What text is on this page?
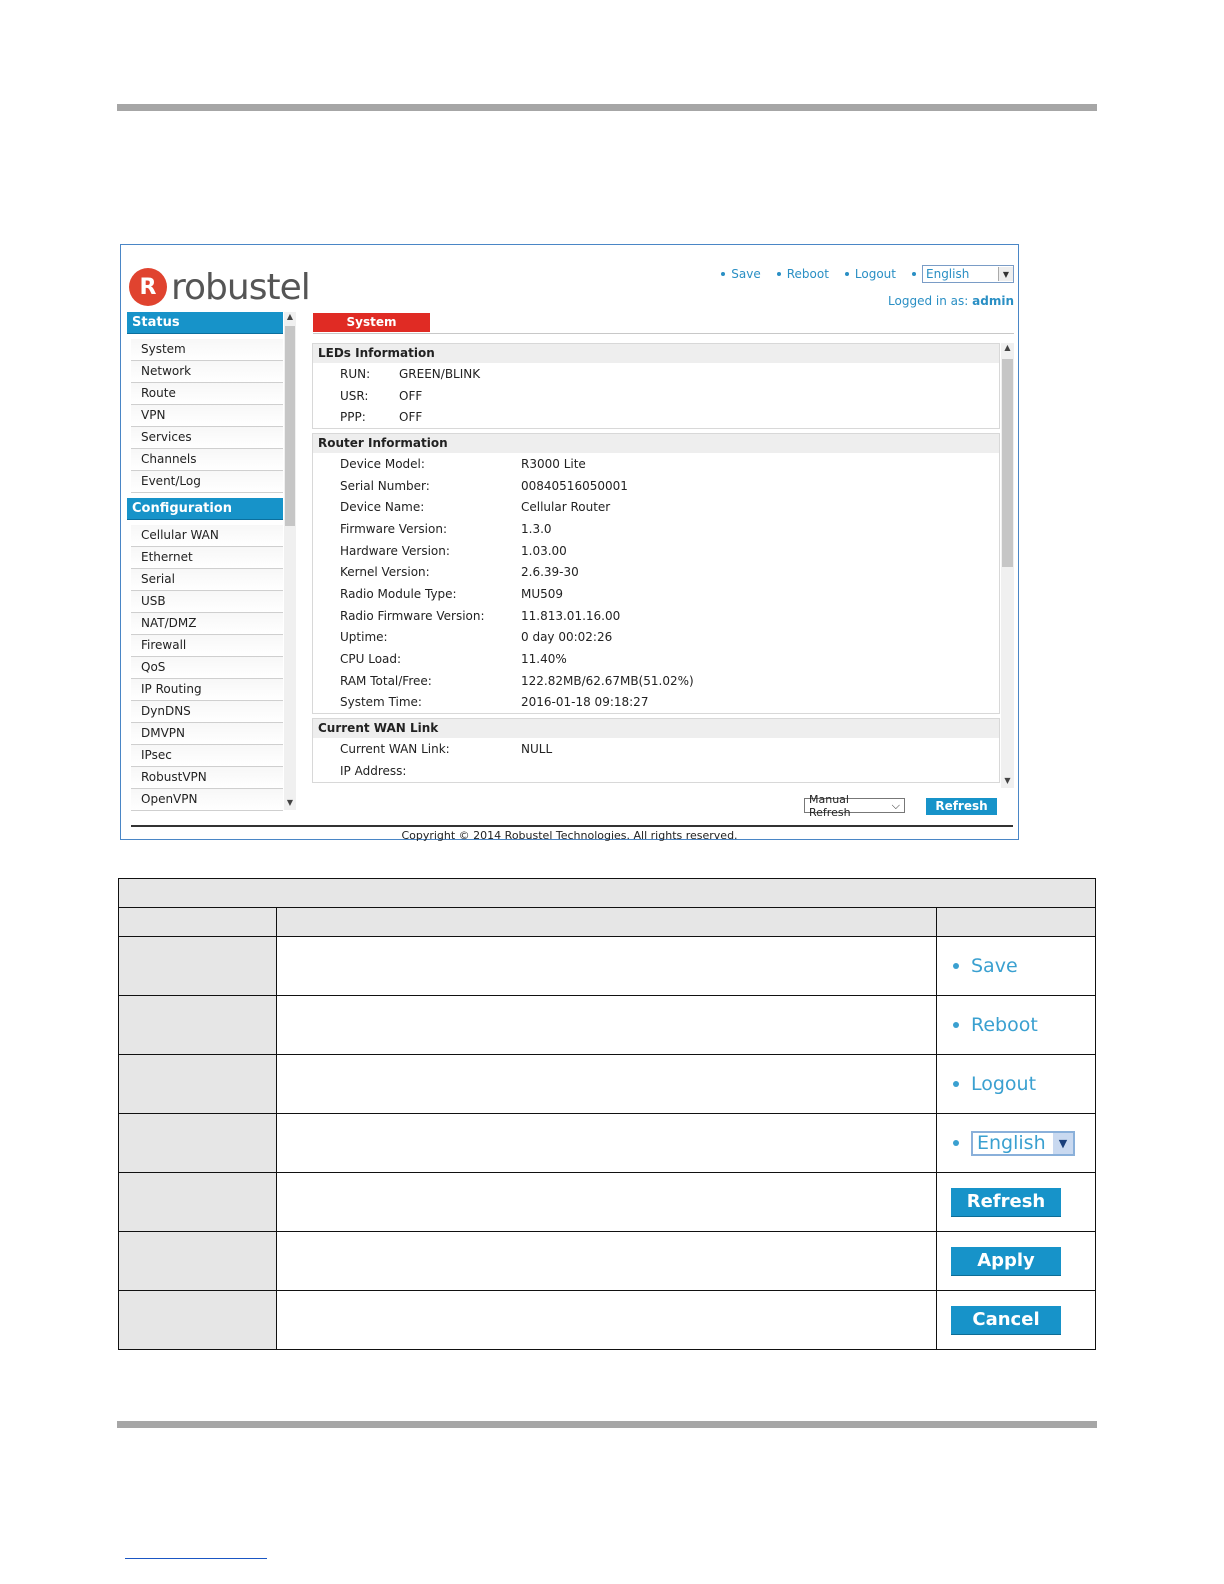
R robustel	Save Reboot Logout	English	▼
Logged in as: admin
Status
System
Network
Route
VPN
Services
Channels
Event/Log
Configuration
Cellular WAN
Ethernet
Serial
USB
NAT/DMZ
Firewall
QoS
IP Routing
DynDNS
DMVPN
IPsec
RobustVPN
OpenVPN
▲
▼
System
LEDs Information
RUN:	GREEN/BLINK
USR:	OFF
PPP:	OFF
Router Information
Device Model:	R3000 Lite
Serial Number:	00840516050001
Device Name:	Cellular Router
Firmware Version:	1.3.0
Hardware Version:	1.03.00
Kernel Version:	2.6.39-30
Radio Module Type:	MU509
Radio Firmware Version:	11.813.01.16.00
Uptime:	0 day 00:02:26
CPU Load:	11.40%
RAM Total/Free:	122.82MB/62.67MB(51.02%)
System Time:	2016-01-18 09:18:27
Current WAN Link
Current WAN Link:	NULL
IP Address:
▲
▼
Manual Refresh
⌵	Refresh
Copyright © 2014 Robustel Technologies. All rights reserved.

		Save

		Reboot

		Logout

		English ▼

		Refresh

		Apply

		Cancel
